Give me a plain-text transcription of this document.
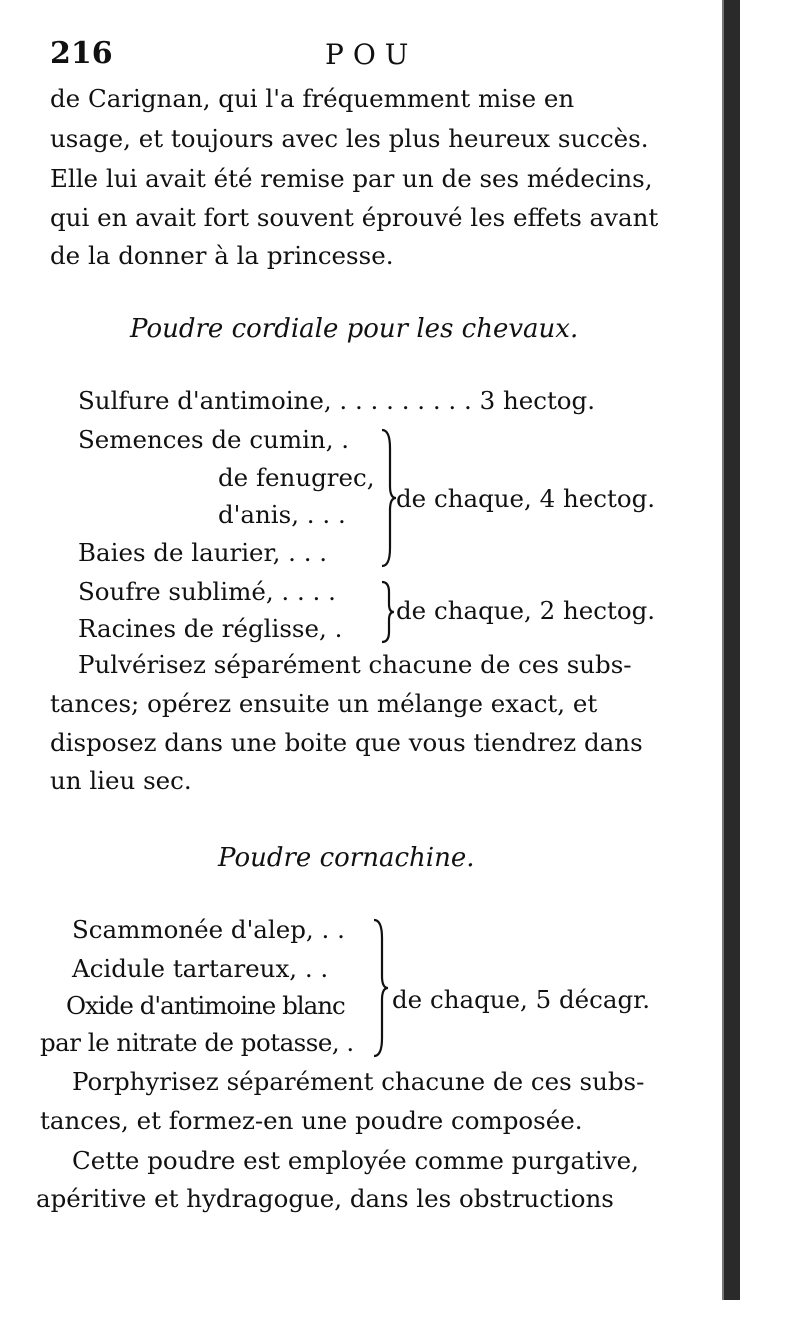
216	POU
de Carignan, qui l'a fréquemment mise en
usage, et toujours avec les plus heureux succès.
Elle lui avait été remise par un de ses médecins,
qui en avait fort souvent éprouvé les effets avant
de la donner à la princesse.
Poudre cordiale pour les chevaux.
Sulfure d'antimoine, . . . . . . . . . 3 hectog.
Semences de cumin, .
de fenugrec,
d'anis, . . .
Baies de laurier, . . .
de chaque, 4 hectog.
Soufre sublimé, . . . .
Racines de réglisse, .
de chaque, 2 hectog.
Pulvérisez séparément chacune de ces subs-
tances; opérez ensuite un mélange exact, et
disposez dans une boite que vous tiendrez dans
un lieu sec.
Poudre cornachine.
Scammonée d'alep, . .
Acidule tartareux, . .
Oxide d'antimoine blanc
par le nitrate de potasse, .
de chaque, 5 décagr.
Porphyrisez séparément chacune de ces subs-
tances, et formez-en une poudre composée.
Cette poudre est employée comme purgative,
apéritive et hydragogue, dans les obstructions
